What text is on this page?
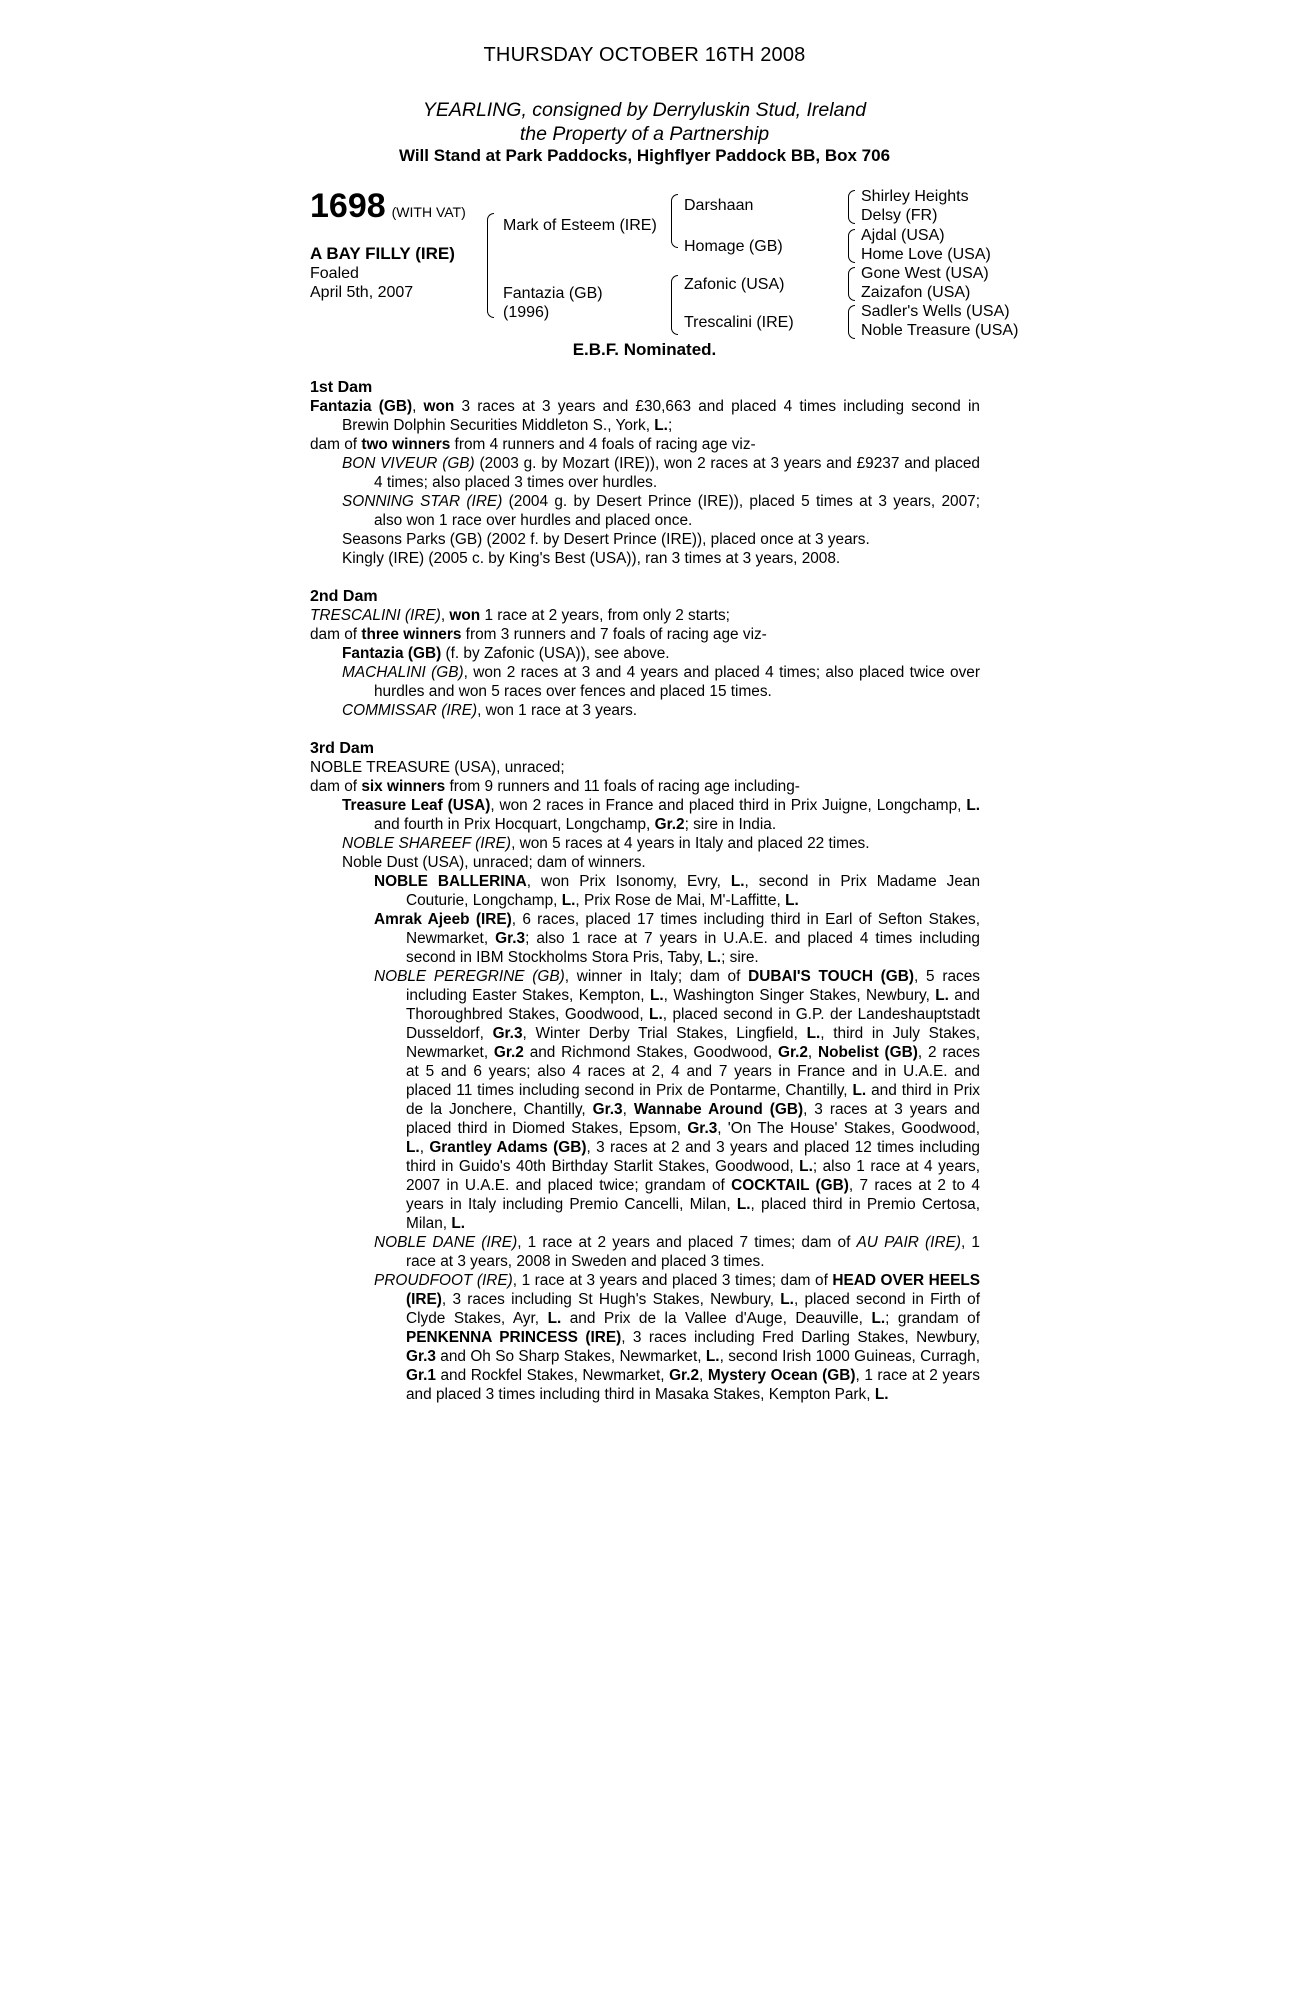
THURSDAY OCTOBER 16TH 2008
YEARLING, consigned by Derryluskin Stud, Ireland
the Property of a Partnership
Will Stand at Park Paddocks, Highflyer Paddock BB, Box 706
1698 (WITH VAT)
A BAY FILLY (IRE)
Foaled
April 5th, 2007
Mark of Esteem (IRE)
Fantazia (GB)
(1996)
Darshaan
Homage (GB)
Zafonic (USA)
Trescalini (IRE)
Shirley Heights
Delsy (FR)
Ajdal (USA)
Home Love (USA)
Gone West (USA)
Zaizafon (USA)
Sadler's Wells (USA)
Noble Treasure (USA)
E.B.F. Nominated.
1st Dam
Fantazia (GB), won 3 races at 3 years and £30,663 and placed 4 times including second in Brewin Dolphin Securities Middleton S., York, L.;
dam of two winners from 4 runners and 4 foals of racing age viz-
BON VIVEUR (GB) (2003 g. by Mozart (IRE)), won 2 races at 3 years and £9237 and placed 4 times; also placed 3 times over hurdles.
SONNING STAR (IRE) (2004 g. by Desert Prince (IRE)), placed 5 times at 3 years, 2007; also won 1 race over hurdles and placed once.
Seasons Parks (GB) (2002 f. by Desert Prince (IRE)), placed once at 3 years.
Kingly (IRE) (2005 c. by King's Best (USA)), ran 3 times at 3 years, 2008.
2nd Dam
TRESCALINI (IRE), won 1 race at 2 years, from only 2 starts;
dam of three winners from 3 runners and 7 foals of racing age viz-
Fantazia (GB) (f. by Zafonic (USA)), see above.
MACHALINI (GB), won 2 races at 3 and 4 years and placed 4 times; also placed twice over hurdles and won 5 races over fences and placed 15 times.
COMMISSAR (IRE), won 1 race at 3 years.
3rd Dam
NOBLE TREASURE (USA), unraced;
dam of six winners from 9 runners and 11 foals of racing age including-
Treasure Leaf (USA), won 2 races in France and placed third in Prix Juigne, Longchamp, L. and fourth in Prix Hocquart, Longchamp, Gr.2; sire in India.
NOBLE SHAREEF (IRE), won 5 races at 4 years in Italy and placed 22 times.
Noble Dust (USA), unraced; dam of winners.
NOBLE BALLERINA, won Prix Isonomy, Evry, L., second in Prix Madame Jean Couturie, Longchamp, L., Prix Rose de Mai, M'-Laffitte, L.
Amrak Ajeeb (IRE), 6 races, placed 17 times including third in Earl of Sefton Stakes, Newmarket, Gr.3; also 1 race at 7 years in U.A.E. and placed 4 times including second in IBM Stockholms Stora Pris, Taby, L.; sire.
NOBLE PEREGRINE (GB), winner in Italy; dam of DUBAI'S TOUCH (GB), 5 races including Easter Stakes, Kempton, L., Washington Singer Stakes, Newbury, L. and Thoroughbred Stakes, Goodwood, L., placed second in G.P. der Landeshauptstadt Dusseldorf, Gr.3, Winter Derby Trial Stakes, Lingfield, L., third in July Stakes, Newmarket, Gr.2 and Richmond Stakes, Goodwood, Gr.2, Nobelist (GB), 2 races at 5 and 6 years; also 4 races at 2, 4 and 7 years in France and in U.A.E. and placed 11 times including second in Prix de Pontarme, Chantilly, L. and third in Prix de la Jonchere, Chantilly, Gr.3, Wannabe Around (GB), 3 races at 3 years and placed third in Diomed Stakes, Epsom, Gr.3, 'On The House' Stakes, Goodwood, L., Grantley Adams (GB), 3 races at 2 and 3 years and placed 12 times including third in Guido's 40th Birthday Starlit Stakes, Goodwood, L.; also 1 race at 4 years, 2007 in U.A.E. and placed twice; grandam of COCKTAIL (GB), 7 races at 2 to 4 years in Italy including Premio Cancelli, Milan, L., placed third in Premio Certosa, Milan, L.
NOBLE DANE (IRE), 1 race at 2 years and placed 7 times; dam of AU PAIR (IRE), 1 race at 3 years, 2008 in Sweden and placed 3 times.
PROUDFOOT (IRE), 1 race at 3 years and placed 3 times; dam of HEAD OVER HEELS (IRE), 3 races including St Hugh's Stakes, Newbury, L., placed second in Firth of Clyde Stakes, Ayr, L. and Prix de la Vallee d'Auge, Deauville, L.; grandam of PENKENNA PRINCESS (IRE), 3 races including Fred Darling Stakes, Newbury, Gr.3 and Oh So Sharp Stakes, Newmarket, L., second Irish 1000 Guineas, Curragh, Gr.1 and Rockfel Stakes, Newmarket, Gr.2, Mystery Ocean (GB), 1 race at 2 years and placed 3 times including third in Masaka Stakes, Kempton Park, L.
